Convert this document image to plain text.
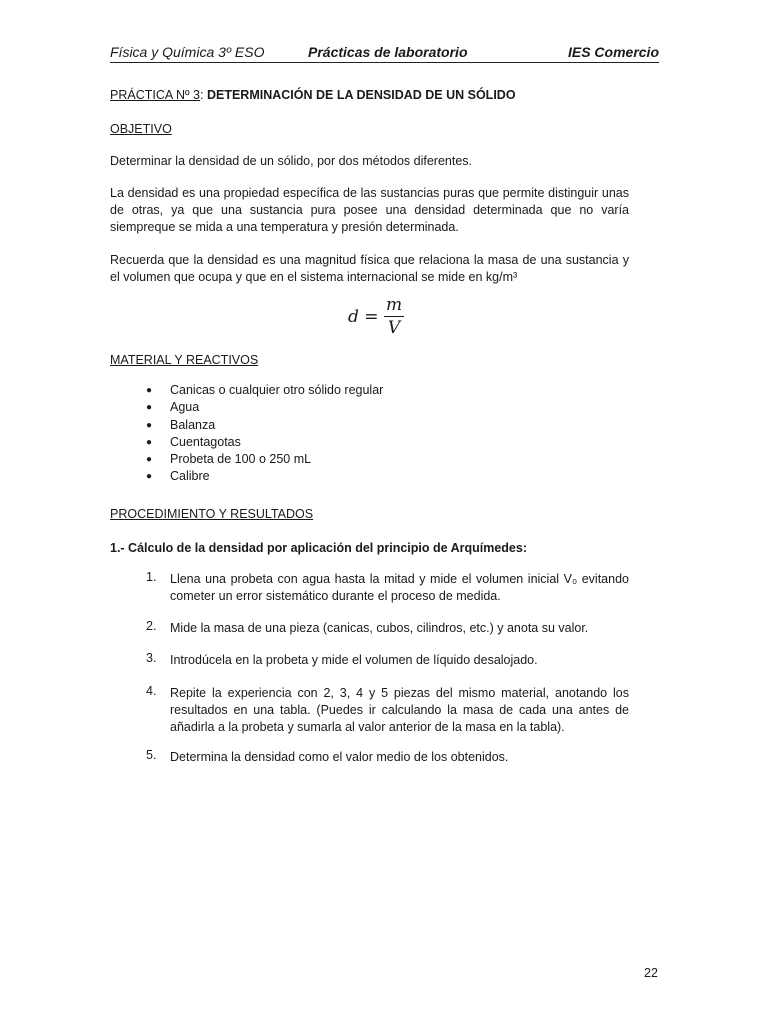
Física y Química 3º ESO	Prácticas de laboratorio	IES Comercio
PRÁCTICA Nº 3: DETERMINACIÓN DE LA DENSIDAD DE UN SÓLIDO
OBJETIVO
Determinar la densidad de un sólido, por dos métodos diferentes.
La densidad es una propiedad específica de las sustancias puras que permite distinguir unas de otras, ya que una sustancia pura posee una densidad determinada que no varía siempreque se mida a una temperatura y presión determinada.
Recuerda que la densidad es una magnitud física que relaciona la masa de una sustancia y el volumen que ocupa y que en el sistema internacional se mide en kg/m³
d =
m
V
MATERIAL Y REACTIVOS
● Canicas o cualquier otro sólido regular
● Agua
● Balanza
● Cuentagotas
● Probeta de 100 o 250 mL
● Calibre
PROCEDIMIENTO Y RESULTADOS
1.- Cálculo de la densidad por aplicación del principio de Arquímedes:
1. Llena una probeta con agua hasta la mitad y mide el volumen inicial V₀ evitando cometer un error sistemático durante el proceso de medida.
2. Mide la masa de una pieza (canicas, cubos, cilindros, etc.) y anota su valor.
3. Introdúcela en la probeta y mide el volumen de líquido desalojado.
4. Repite la experiencia con 2, 3, 4 y 5 piezas del mismo material, anotando los resultados en una tabla. (Puedes ir calculando la masa de cada una antes de añadirla a la probeta y sumarla al valor anterior de la masa en la tabla).
5. Determina la densidad como el valor medio de los obtenidos.
22
